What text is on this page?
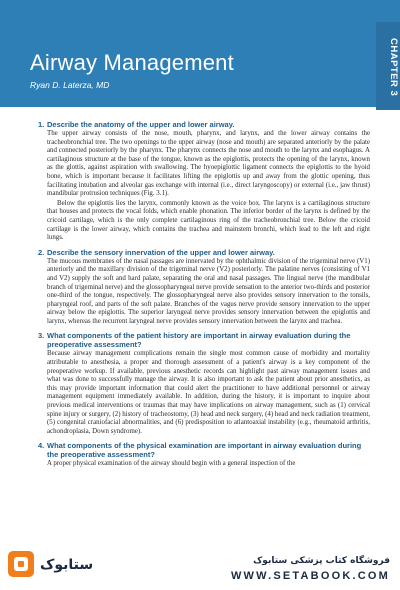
Airway Management
Ryan D. Laterza, MD	CHAPTER 3
1. Describe the anatomy of the upper and lower airway.

The upper airway consists of the nose, mouth, pharynx, and larynx, and the lower airway contains the tracheobronchial tree. The two openings to the upper airway (nose and mouth) are separated anteriorly by the palate and connected posteriorly by the pharynx. The pharynx connects the nose and mouth to the larynx and esophagus. A cartilaginous structure at the base of the tongue, known as the epiglottis, protects the opening of the larynx, known as the glottis, against aspiration with swallowing. The hyoepiglottic ligament connects the epiglottis to the hyoid bone, which is important because it facilitates lifting the epiglottis up and away from the glottic opening, thus facilitating intubation and alveolar gas exchange with internal (i.e., direct laryngoscopy) or external (i.e., jaw thrust) mandibular protrusion techniques (Fig. 3.1).

Below the epiglottis lies the larynx, commonly known as the voice box. The larynx is a cartilaginous structure that houses and protects the vocal folds, which enable phonation. The inferior border of the larynx is defined by the cricoid cartilage, which is the only complete cartilaginous ring of the tracheobronchial tree. Below the cricoid cartilage is the lower airway, which contains the trachea and mainstem bronchi, which lead to the left and right lungs.

2. Describe the sensory innervation of the upper and lower airway.

The mucous membranes of the nasal passages are innervated by the ophthalmic division of the trigeminal nerve (V1) anteriorly and the maxillary division of the trigeminal nerve (V2) posteriorly. The palatine nerves (consisting of V1 and V2) supply the soft and hard palate, separating the oral and nasal passages. The lingual nerve (the mandibular branch of trigeminal nerve) and the glossopharyngeal nerve provide sensation to the anterior two-thirds and posterior one-third of the tongue, respectively. The glossopharyngeal nerve also provides sensory innervation to the tonsils, pharyngeal roof, and parts of the soft palate. Branches of the vagus nerve provide sensory innervation to the upper airway below the epiglottis. The superior laryngeal nerve provides sensory innervation between the epiglottis and larynx, whereas the recurrent laryngeal nerve provides sensory innervation between the larynx and trachea.

3. What components of the patient history are important in airway evaluation during the preoperative assessment?

Because airway management complications remain the single most common cause of morbidity and mortality attributable to anesthesia, a proper and thorough assessment of a patient's airway is a key component of the preoperative workup. If available, previous anesthetic records can highlight past airway management issues and what was done to successfully manage the airway. It is also important to ask the patient about prior anesthetics, as this may provide important information that could alert the practitioner to have additional personnel or airway management equipment immediately available. In addition, during the history, it is important to inquire about previous medical interventions or traumas that may have implications on airway management, such as (1) cervical spine injury or surgery, (2) history of tracheostomy, (3) head and neck surgery, (4) head and neck radiation treatment, (5) congenital craniofacial abnormalities, and (6) predisposition to atlantoaxial instability (e.g., rheumatoid arthritis, achondroplasia, Down syndrome).

4. What components of the physical examination are important in airway evaluation during the preoperative assessment?

A proper physical examination of the airway should begin with a general inspection of the

ستابوک	فروشگاه کتاب پزشکی ستابوک
WWW.SETABOOK.COM
